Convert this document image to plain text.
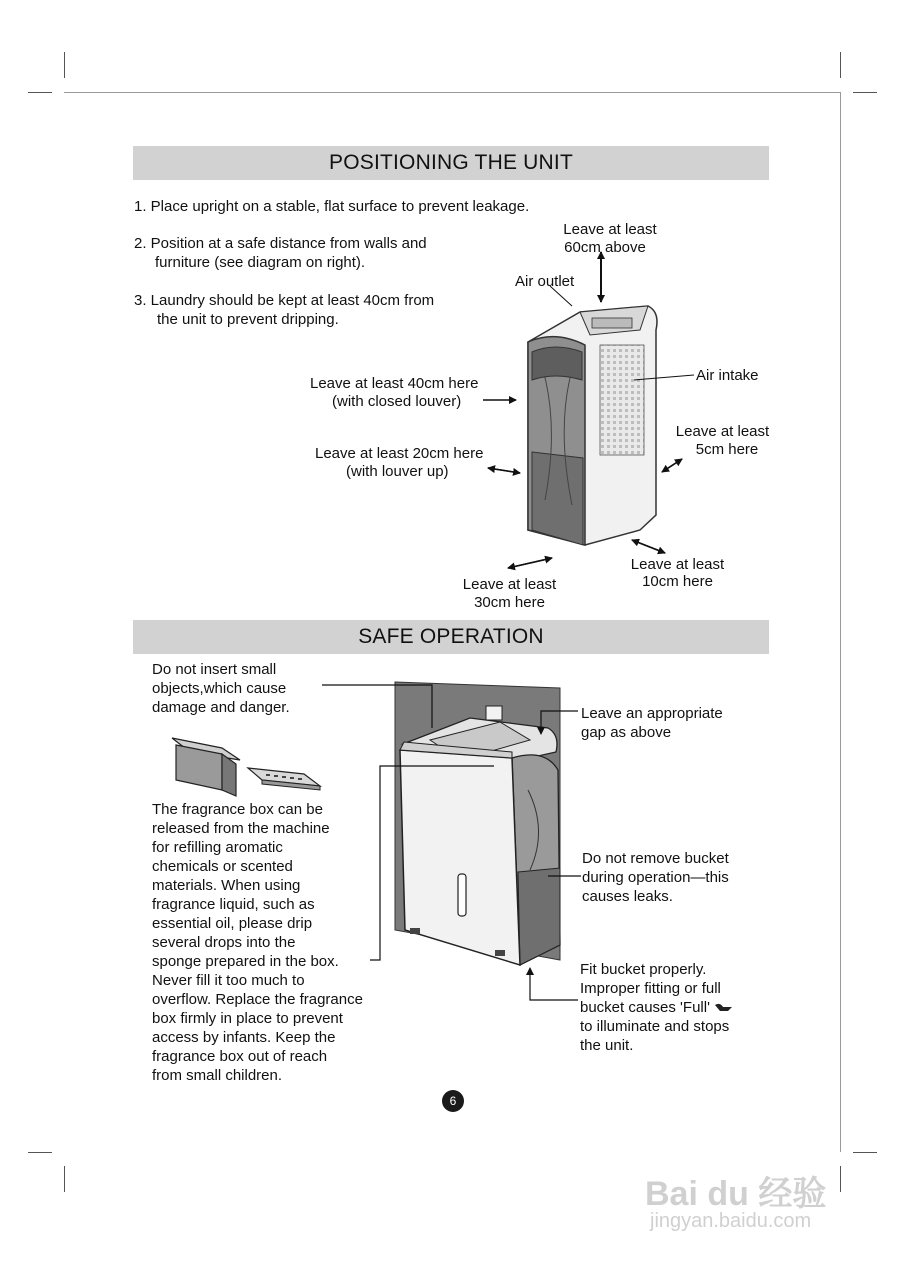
POSITIONING THE UNIT
1. Place upright on a stable, flat surface to prevent leakage.
2. Position at a safe distance from walls and
furniture (see diagram on right).
3. Laundry should be kept at least 40cm from
the unit to prevent dripping.
Leave at least
60cm above
Air outlet
Air intake
Leave at least 40cm here
(with closed louver)
Leave at least 20cm here
(with louver up)
Leave at least
5cm here
Leave at least
10cm here
Leave at least
30cm here
SAFE OPERATION
Do not insert small
objects,which cause
damage and danger.	Leave an appropriate
gap as above
The fragrance box can be
released from the machine
for refilling aromatic
chemicals or scented
materials. When using
fragrance liquid, such as
essential oil, please drip
several drops into the
sponge prepared in the box.
Never fill it too much to
overflow. Replace the fragrance
box firmly in place to prevent
access by infants. Keep the
fragrance box out of reach
from small children.
Do not remove bucket
during operation—this
causes leaks.
Fit bucket properly.
Improper fitting or full
bucket causes 'Full'
to illuminate and stops
the unit.
6
Bai du 经验
jingyan.baidu.com
